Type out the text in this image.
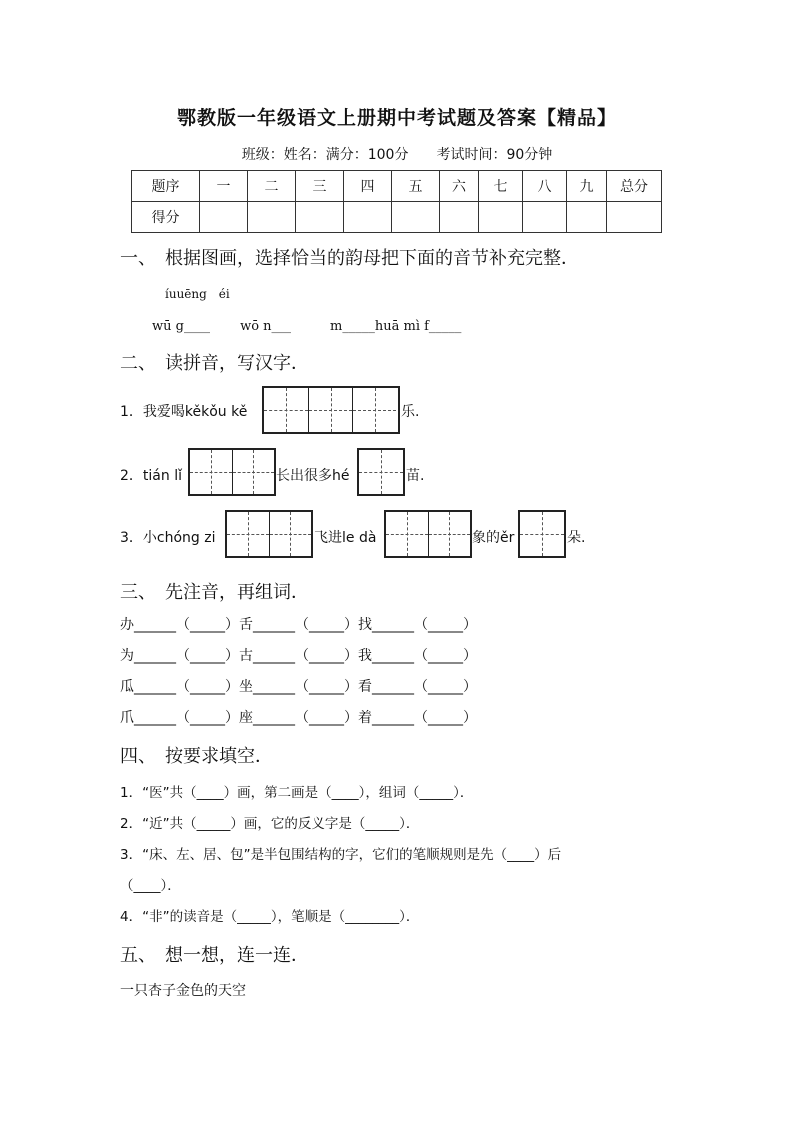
鄂教版一年级语文上册期中考试题及答案【精品】
班级：姓名：满分：100分　　考试时间：90分钟
题序	一	二	三	四	五	六	七	八	九	总分
得分										
一、　根据图画，选择恰当的韵母把下面的音节补充完整．
íuuēng　éi
wū g____　　 wō n___　　　m_____huā mì f_____
二、　读拼音，写汉字．
1．我爱喝kěkǒu kě	乐.
2．tián lǐ	长出很多hé	苗.
3．小chóng zi	飞进le dà	象的ěr	朵.
三、　先注音，再组词．
办______（_____）舌______（_____）找______（_____）
为______（_____）古______（_____）我______（_____）
瓜______（_____）坐______（_____）看______（_____）
爪______（_____）座______（_____）着______（_____）
四、　按要求填空．
1．“医”共（____）画，第二画是（____），组词（_____）．
2．“近”共（_____）画，它的反义字是（_____）．
3．“床、左、居、包”是半包围结构的字，它们的笔顺规则是先（____）后
（____）．
4．“非”的读音是（_____），笔顺是（________）．
五、　想一想，连一连．
一只杏子金色的天空
